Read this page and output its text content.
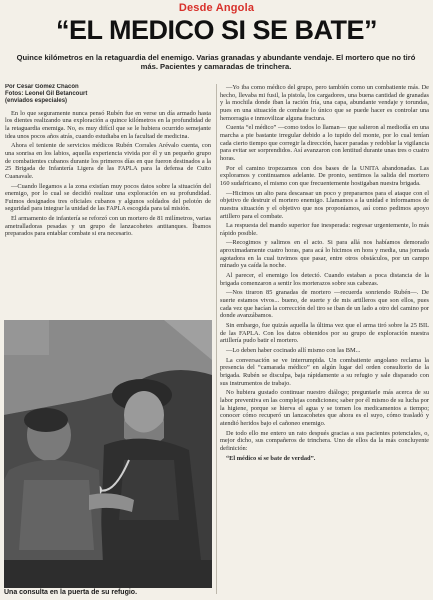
Desde Angola
“EL MEDICO SI SE BATE”
Quince kilómetros en la retaguardia del enemigo. Varias granadas y abundante vendaje. El mortero que no tiró más. Pacientes y camaradas de trinchera.
Por César Gómez Chacón
Fotos: Leonel Gil Betancourt
(enviados especiales)

En lo que seguramente nunca pensó Rubén fue en verse un día armado hasta los dientes realizando una exploración a quince kilómetros en la profundidad de la retaguardia enemiga. No, es muy difícil que se le hubiera ocurrido semejante idea unos pocos años atrás, cuando estudiaba en la facultad de medicina.

Ahora el teniente de servicios médicos Rubén Corrales Arévalo cuenta, con una sonrisa en los labios, aquella experiencia vivida por él y un pequeño grupo de combatientes cubanos durante los primeros días en que fueron destinados a la 25 Brigada de Infantería Ligera de las FAPLA para la defensa de Cuito Cuanavale.

—Cuando llegamos a la zona existían muy pocos datos sobre la situación del enemigo, por lo cual se decidió realizar una exploración en su profundidad. Fuimos designados tres oficiales cubanos y algunos soldados del pelotón de seguridad para integrar la unidad de las FAPLA escogida para tal misión.

El armamento de infantería se reforzó con un mortero de 81 milímetros, varias ametralladoras pesadas y un grupo de lanzacohetes antitanques. Íbamos preparados para entablar combate si era necesario.

—Yo iba como médico del grupo, pero también como un combatiente más. De hecho, llevaba mi fusil, la pistola, los cargadores, una buena cantidad de granadas y la mochila donde iban la ración fría, una capa, abundante vendaje y torundas, pues en una situación de combate lo único que se puede hacer es controlar una hemorragia e inmovilizar alguna fractura.

Cuenta “el médico” —como todos lo llaman— que salieron al mediodía en una marcha a pie bastante irregular debido a lo tupido del monte, por lo cual tenían cada cierto tiempo que corregir la dirección, hacer paradas y redoblar la vigilancia para evitar ser sorprendidos. Así avanzaron con lentitud durante unas tres o cuatro horas.

Por el camino tropezamos con dos bases de la UNITA abandonadas. Las exploramos y continuamos adelante. De pronto, sentimos la salida del mortero 160 sudafricano, el mismo con que frecuentemente hostigaban nuestra brigada.

—Hicimos un alto para descansar un poco y prepararnos para el ataque con el objetivo de destruir el mortero enemigo. Llamamos a la unidad e informamos de nuestra situación y el objetivo que nos proponíamos, así como pedimos apoyo artillero para el combate.

La respuesta del mando superior fue inesperada: regresar urgentemente, lo más rápido posible.

—Recogimos y salimos en el acto. Si para allá nos habíamos demorado aproximadamente cuatro horas, para acá lo hicimos en hora y media, una jornada agotadora en la cual tuvimos que pasar, entre otros obstáculos, por un campo minado ya caída la noche.

Al parecer, el enemigo los detectó. Cuando estaban a poca distancia de la brigada comenzaron a sentir los morterazos sobre sus cabezas.

—Nos tiraron 85 granadas de mortero —recuerda sonriendo Rubén—. De suerte estamos vivos... bueno, de suerte y de mis artilleros que son ellos, pues cada vez que hacían la corrección del tiro se iban de un lado a otro del camino por donde avanzábamos.

Sin embargo, fue quizás aquella la última vez que el arma tiró sobre la 25 BIL de las FAPLA. Con los datos obtenidos por su grupo de exploración nuestra artillería pudo batir el mortero.

—Lo deben haber cocinado allí mismo con las BM...

La conversación se ve interrumpida. Un combatiente angolano reclama la presencia del “camarada médico” en algún lugar del orden consultorio de la brigada. Rubén se disculpa, baja rápidamente a su refugio y sale disparado con sus instrumentos de trabajo.

No hubiera gustado continuar nuestro diálogo; preguntarle más acerca de su labor preventiva en las complejas condiciones; saber por él mismo de su lucha por la higiene, porque se hierva el agua y se tomen los medicamentos a tiempo; conocer cómo recuperó un lanzacohetes que ahora es el suyo, cómo trasladó y atendió heridos bajo el cañoneo enemigo.

De todo ello me entero un rato después gracias a sus pacientes potenciales, o, mejor dicho, sus compañeros de trinchera. Uno de ellos da la más concluyente definición:

“El médico sí se bate de verdad”.

Una consulta en la puerta de su refugio.
